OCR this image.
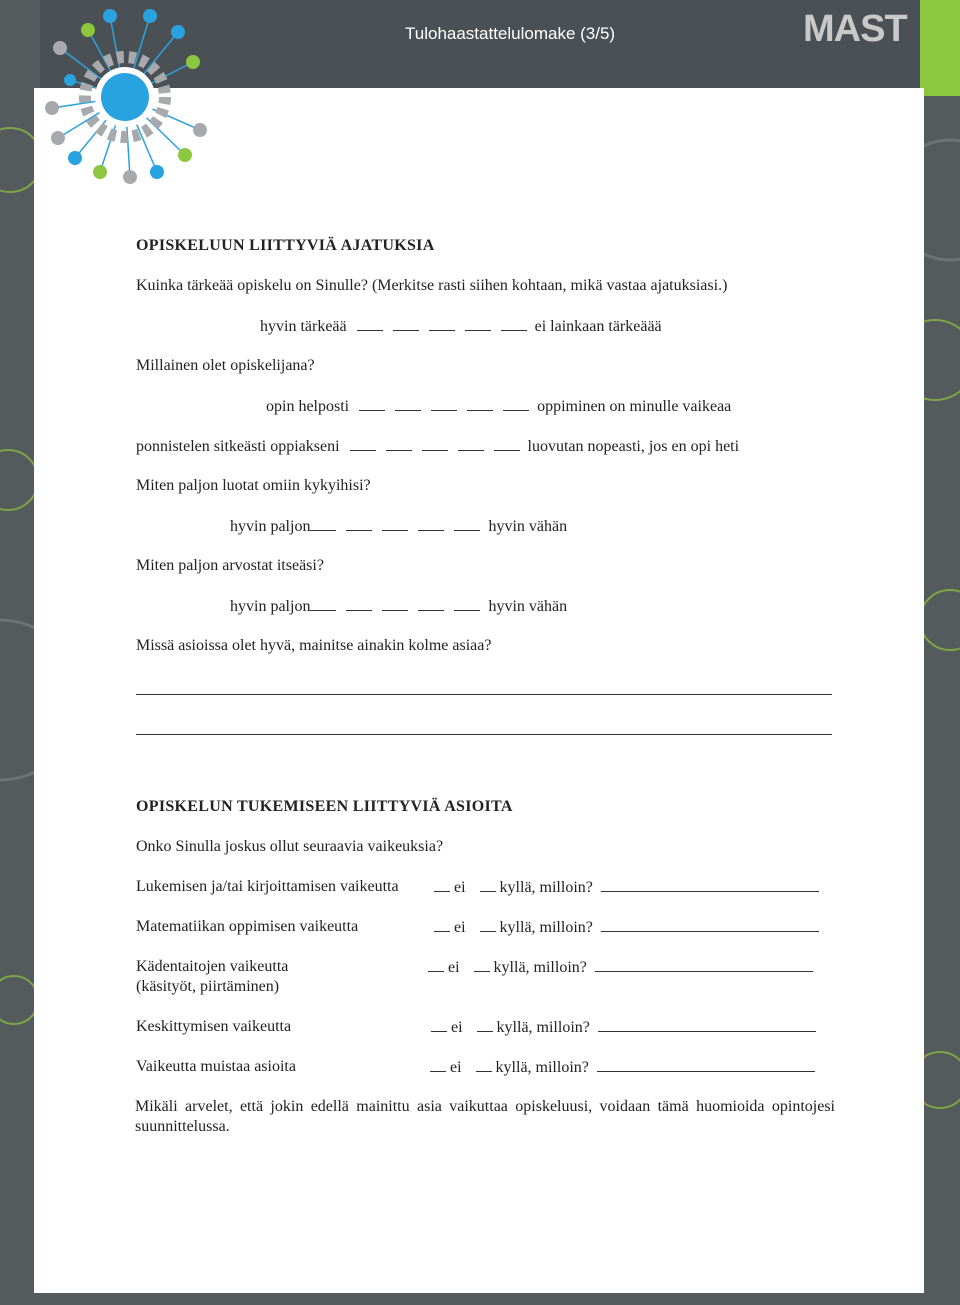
Tulohaastattelulomake (3/5)	MAST
OPISKELUUN LIITTYVIÄ AJATUKSIA
Kuinka tärkeää opiskelu on Sinulle? (Merkitse rasti siihen kohtaan, mikä vastaa ajatuksiasi.)
hyvin tärkeää	ei lainkaan tärkeäää
Millainen olet opiskelijana?
opin helposti	oppiminen on minulle vaikeaa
ponnistelen sitkeästi oppiakseni	luovutan nopeasti, jos en opi heti
Miten paljon luotat omiin kykyihisi?
hyvin paljon	hyvin vähän
Miten paljon arvostat itseäsi?
hyvin paljon	hyvin vähän
Missä asioissa olet hyvä, mainitse ainakin kolme asiaa?
OPISKELUN TUKEMISEEN LIITTYVIÄ ASIOITA
Onko Sinulla joskus ollut seuraavia vaikeuksia?
Lukemisen ja/tai kirjoittamisen vaikeutta	ei kyllä, milloin?
Matematiikan oppimisen vaikeutta	ei kyllä, milloin?
Kädentaitojen vaikeutta
(käsityöt, piirtäminen)
ei kyllä, milloin?
Keskittymisen vaikeutta	ei kyllä, milloin?
Vaikeutta muistaa asioita	ei kyllä, milloin?
Mikäli arvelet, että jokin edellä mainittu asia vaikuttaa opiskeluusi, voidaan tämä huomioida opintojesi suunnittelussa.
